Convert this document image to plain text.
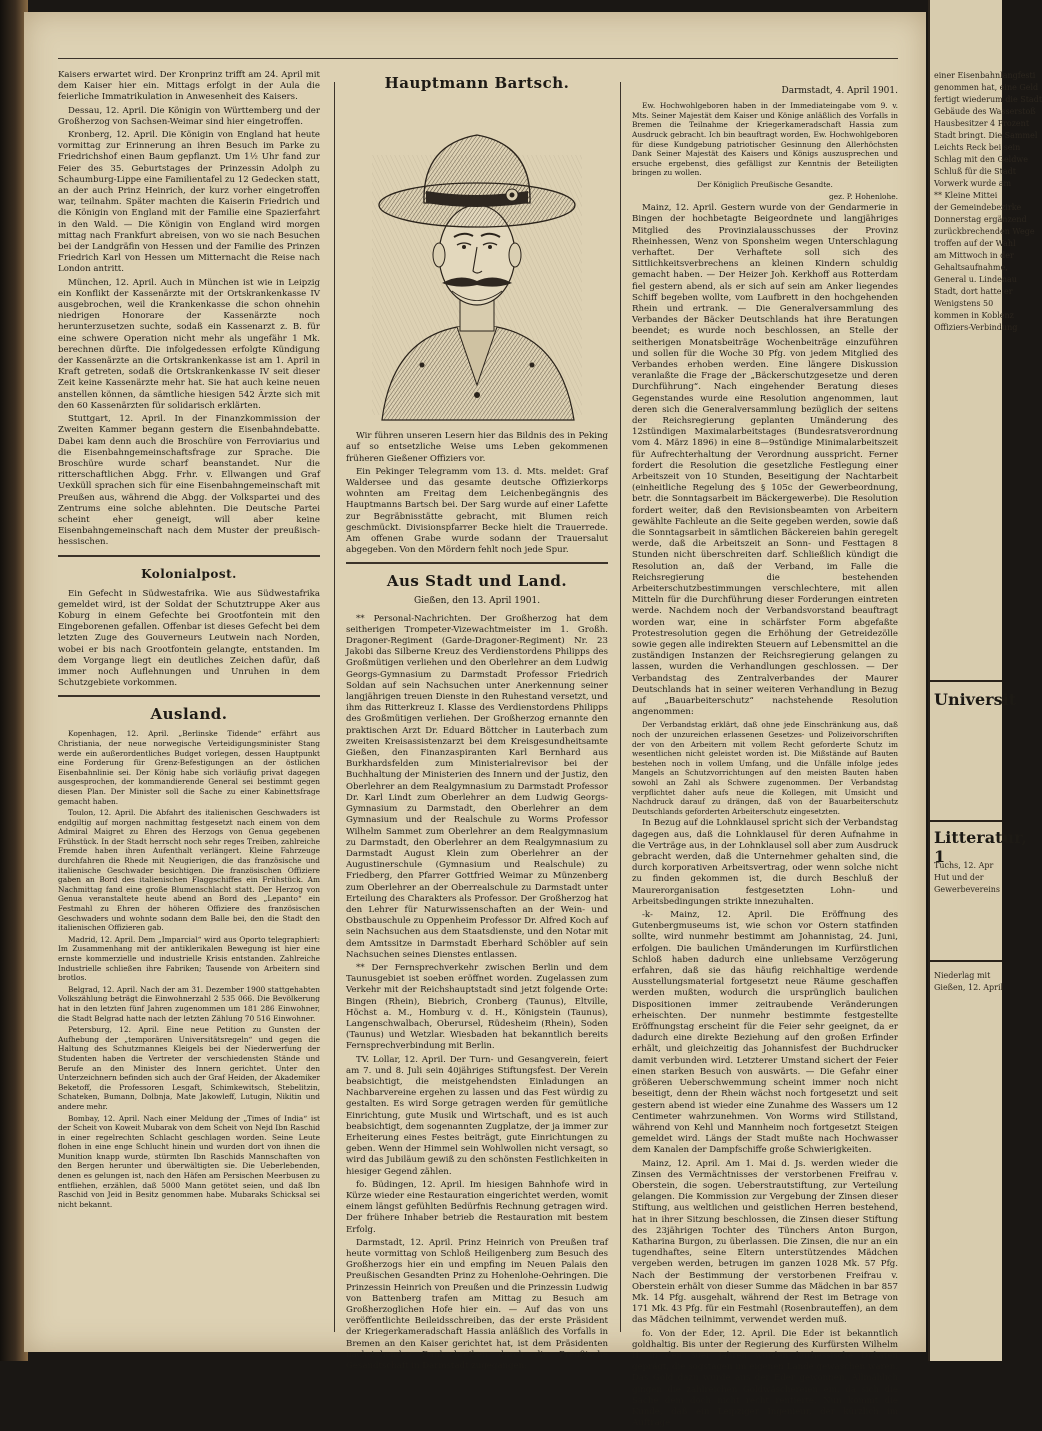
Kaisers erwartet wird. Der Kronprinz trifft am 24. April mit dem Kaiser hier ein. Mittags erfolgt in der Aula die feierliche Immatrikulation in Anwesenheit des Kaisers.

Dessau, 12. April. Die Königin von Württemberg und der Großherzog von Sachsen-Weimar sind hier eingetroffen.

Kronberg, 12. April. Die Königin von England hat heute vormittag zur Erinnerung an ihren Besuch im Parke zu Friedrichshof einen Baum gepflanzt. Um 1½ Uhr fand zur Feier des 35. Geburtstages der Prinzessin Adolph zu Schaumburg-Lippe eine Familientafel zu 12 Gedecken statt, an der auch Prinz Heinrich, der kurz vorher eingetroffen war, teilnahm. Später machten die Kaiserin Friedrich und die Königin von England mit der Familie eine Spazierfahrt in den Wald. — Die Königin von England wird morgen mittag nach Frankfurt abreisen, von wo sie nach Besuchen bei der Landgräfin von Hessen und der Familie des Prinzen Friedrich Karl von Hessen um Mitternacht die Reise nach London antritt.

München, 12. April. Auch in München ist wie in Leipzig ein Konflikt der Kassenärzte mit der Ortskrankenkasse IV ausgebrochen, weil die Krankenkasse die schon ohnehin niedrigen Honorare der Kassenärzte noch herunterzusetzen suchte, sodaß ein Kassenarzt z. B. für eine schwere Operation nicht mehr als ungefähr 1 Mk. berechnen dürfte. Die infolgedessen erfolgte Kündigung der Kassenärzte an die Ortskrankenkasse ist am 1. April in Kraft getreten, sodaß die Ortskrankenkasse IV seit dieser Zeit keine Kassenärzte mehr hat. Sie hat auch keine neuen anstellen können, da sämtliche hiesigen 542 Ärzte sich mit den 60 Kassenärzten für solidarisch erklärten.

Stuttgart, 12. April. In der Finanzkommission der Zweiten Kammer begann gestern die Eisenbahndebatte. Dabei kam denn auch die Broschüre von Ferroviarius und die Eisenbahngemeinschaftsfrage zur Sprache. Die Broschüre wurde scharf beanstandet. Nur die ritterschaftlichen Abgg. Frhr. v. Ellwangen und Graf Uexküll sprachen sich für eine Eisenbahngemeinschaft mit Preußen aus, während die Abgg. der Volkspartei und des Zentrums eine solche ablehnten. Die Deutsche Partei scheint eher geneigt, will aber keine Eisenbahngemeinschaft nach dem Muster der preußisch-hessischen.

Kolonialpost.

Ein Gefecht in Südwestafrika. Wie aus Südwestafrika gemeldet wird, ist der Soldat der Schutztruppe Aker aus Koburg in einem Gefechte bei Grootfontein mit den Eingeborenen gefallen. Offenbar ist dieses Gefecht bei dem letzten Zuge des Gouverneurs Leutwein nach Norden, wobei er bis nach Grootfontein gelangte, entstanden. Im dem Vorgange liegt ein deutliches Zeichen dafür, daß immer noch Auflehnungen und Unruhen in dem Schutzgebiete vorkommen.

Ausland.

Kopenhagen, 12. April. „Berlinske Tidende“ erfährt aus Christiania, der neue norwegische Verteidigungsminister Stang werde ein außerordentliches Budget vorlegen, dessen Hauptpunkt eine Forderung für Grenz-Befestigungen an der östlichen Eisenbahnlinie sei. Der König habe sich vorläufig privat dagegen ausgesprochen, der kommandierende General sei bestimmt gegen diesen Plan. Der Minister soll die Sache zu einer Kabinettsfrage gemacht haben.

Toulon, 12. April. Die Abfahrt des italienischen Geschwaders ist endgiltig auf morgen nachmittag festgesetzt nach einem von dem Admiral Maigret zu Ehren des Herzogs von Genua gegebenen Frühstück. In der Stadt herrscht noch sehr reges Treiben, zahlreiche Fremde haben ihren Aufenthalt verlängert. Kleine Fahrzeuge durchfahren die Rhede mit Neugierigen, die das französische und italienische Geschwader besichtigen. Die französischen Offiziere gaben an Bord des italienischen Flaggschiffes ein Frühstück. Am Nachmittag fand eine große Blumenschlacht statt. Der Herzog von Genua veranstaltete heute abend an Bord des „Lepanto“ ein Festmahl zu Ehren der höheren Offiziere des französischen Geschwaders und wohnte sodann dem Balle bei, den die Stadt den italienischen Offizieren gab.

Madrid, 12. April. Dem „Imparcial“ wird aus Oporto telegraphiert: Im Zusammenhang mit der antiklerikalen Bewegung ist hier eine ernste kommerzielle und industrielle Krisis entstanden. Zahlreiche Industrielle schließen ihre Fabriken; Tausende von Arbeitern sind brotlos.

Belgrad, 12. April. Nach der am 31. Dezember 1900 stattgehabten Volkszählung beträgt die Einwohnerzahl 2 535 066. Die Bevölkerung hat in den letzten fünf Jahren zugenommen um 181 286 Einwohner, die Stadt Belgrad hatte nach der letzten Zählung 70 516 Einwohner.

Petersburg, 12. April. Eine neue Petition zu Gunsten der Aufhebung der „temporären Universitätsregeln“ und gegen die Haltung des Schutzmannes Kleigels bei der Niederwerfung der Studenten haben die Vertreter der verschiedensten Stände und Berufe an den Minister des Innern gerichtet. Unter den Unterzeichnern befinden sich auch der Graf Heiden, der Akademiker Beketoff, die Professoren Lesgaft, Schimkewitsch, Stebelitzin, Schateken, Bumann, Dolbnja, Mate Jakowleff, Lutugin, Nikitin und andere mehr.

Bombay, 12. April. Nach einer Meldung der „Times of India“ ist der Scheit von Koweit Mubarak von dem Scheit von Nejd Ibn Raschid in einer regelrechten Schlacht geschlagen worden. Seine Leute flohen in eine enge Schlucht hinein und wurden dort von ihnen die Munition knapp wurde, stürmten Ibn Raschids Mannschaften von den Bergen herunter und überwältigten sie. Die Ueberlebenden, denen es gelungen ist, nach den Häfen am Persischen Meerbusen zu entfliehen, erzählen, daß 5000 Mann getötet seien, und daß Ibn Raschid von Jeid in Besitz genommen habe. Mubaraks Schicksal sei nicht bekannt.

Hauptmann Bartsch.

Wir führen unseren Lesern hier das Bildnis des in Peking auf so entsetzliche Weise ums Leben gekommenen früheren Gießener Offiziers vor.

Ein Pekinger Telegramm vom 13. d. Mts. meldet: Graf Waldersee und das gesamte deutsche Offizierkorps wohnten am Freitag dem Leichenbegängnis des Hauptmanns Bartsch bei. Der Sarg wurde auf einer Lafette zur Begräbnisstätte gebracht, mit Blumen reich geschmückt. Divisionspfarrer Becke hielt die Trauerrede. Am offenen Grabe wurde sodann der Trauersalut abgegeben. Von den Mördern fehlt noch jede Spur.

Aus Stadt und Land.
Gießen, den 13. April 1901.

** Personal-Nachrichten. Der Großherzog hat dem seitherigen Trompeter-Vizewachtmeister im 1. Großh. Dragoner-Regiment (Garde-Dragoner-Regiment) Nr. 23 Jakobi das Silberne Kreuz des Verdienstordens Philipps des Großmütigen verliehen und den Oberlehrer an dem Ludwig Georgs-Gymnasium zu Darmstadt Professor Friedrich Soldan auf sein Nachsuchen unter Anerkennung seiner langjährigen treuen Dienste in den Ruhestand versetzt, und ihm das Ritterkreuz I. Klasse des Verdienstordens Philipps des Großmütigen verliehen. Der Großherzog ernannte den praktischen Arzt Dr. Eduard Böttcher in Lauterbach zum zweiten Kreisassistenzarzt bei dem Kreisgesundheitsamte Gießen, den Finanzaspiranten Karl Bernhard aus Burkhardsfelden zum Ministerialrevisor bei der Buchhaltung der Ministerien des Innern und der Justiz, den Oberlehrer an dem Realgymnasium zu Darmstadt Professor Dr. Karl Lindt zum Oberlehrer an dem Ludwig Georgs-Gymnasium zu Darmstadt, den Oberlehrer an dem Gymnasium und der Realschule zu Worms Professor Wilhelm Sammet zum Oberlehrer an dem Realgymnasium zu Darmstadt, den Oberlehrer an dem Realgymnasium zu Darmstadt August Klein zum Oberlehrer an der Augustinerschule (Gymnasium und Realschule) zu Friedberg, den Pfarrer Gottfried Weimar zu Münzenberg zum Oberlehrer an der Oberrealschule zu Darmstadt unter Erteilung des Charakters als Professor. Der Großherzog hat den Lehrer für Naturwissenschaften an der Wein- und Obstbauschule zu Oppenheim Professor Dr. Alfred Koch auf sein Nachsuchen aus dem Staatsdienste, und den Notar mit dem Amtssitze in Darmstadt Eberhard Schöbler auf sein Nachsuchen seines Dienstes entlassen.

** Der Fernsprechverkehr zwischen Berlin und dem Taunusgebiet ist soeben eröffnet worden. Zugelassen zum Verkehr mit der Reichshauptstadt sind jetzt folgende Orte: Bingen (Rhein), Biebrich, Cronberg (Taunus), Eltville, Höchst a. M., Homburg v. d. H., Königstein (Taunus), Langenschwalbach, Oberursel, Rüdesheim (Rhein), Soden (Taunus) und Wetzlar. Wiesbaden hat bekanntlich bereits Fernsprechverbindung mit Berlin.

TV. Lollar, 12. April. Der Turn- und Gesangverein, feiert am 7. und 8. Juli sein 40jähriges Stiftungsfest. Der Verein beabsichtigt, die meistgehendsten Einladungen an Nachbarvereine ergehen zu lassen und das Fest würdig zu gestalten. Es wird Sorge getragen werden für gemütliche Einrichtung, gute Musik und Wirtschaft, und es ist auch beabsichtigt, dem sogenannten Zugplatze, der ja immer zur Erheiterung eines Festes beiträgt, gute Einrichtungen zu geben. Wenn der Himmel sein Wohlwollen nicht versagt, so wird das Jubiläum gewiß zu den schönsten Festlichkeiten in hiesiger Gegend zählen.

fo. Büdingen, 12. April. Im hiesigen Bahnhofe wird in Kürze wieder eine Restauration eingerichtet werden, womit einem längst gefühlten Bedürfnis Rechnung getragen wird. Der frühere Inhaber betrieb die Restauration mit bestem Erfolg.

Darmstadt, 12. April. Prinz Heinrich von Preußen traf heute vormittag von Schloß Heiligenberg zum Besuch des Großherzogs hier ein und empfing im Neuen Palais den Preußischen Gesandten Prinz zu Hohenlohe-Oehringen. Die Prinzessin Heinrich von Preußen und die Prinzessin Ludwig von Battenberg trafen am Mittag zu Besuch am Großherzoglichen Hofe hier ein. — Auf das von uns veröffentlichte Beileidsschreiben, das der erste Präsident der Kriegerkameradschaft Hassia anläßlich des Vorfalls in Bremen an den Kaiser gerichtet hat, ist dem Präsidenten nachstehendes Dankschreiben durch die Preußische Gesandtschaft in Darmstadt zugegangen:

Darmstadt, 4. April 1901.

Ew. Hochwohlgeboren haben in der Immediateingabe vom 9. v. Mts. Seiner Majestät dem Kaiser und Könige anläßlich des Vorfalls in Bremen die Teilnahme der Kriegerkameradschaft Hassia zum Ausdruck gebracht. Ich bin beauftragt worden, Ew. Hochwohlgeboren für diese Kundgebung patriotischer Gesinnung den Allerhöchsten Dank Seiner Majestät des Kaisers und Königs auszusprechen und ersuche ergebenst, dies gefälligst zur Kenntnis der Beteiligten bringen zu wollen.

Der Königlich Preußische Gesandte.

gez. P. Hohenlohe.

Mainz, 12. April. Gestern wurde von der Gendarmerie in Bingen der hochbetagte Beigeordnete und langjähriges Mitglied des Provinzialausschusses der Provinz Rheinhessen, Wenz von Sponsheim wegen Unterschlagung verhaftet. Der Verhaftete soll sich des Sittlichkeitsverbrechens an kleinen Kindern schuldig gemacht haben. — Der Heizer Joh. Kerkhoff aus Rotterdam fiel gestern abend, als er sich auf sein am Anker liegendes Schiff begeben wollte, vom Laufbrett in den hochgehenden Rhein und ertrank. — Die Generalversammlung des Verbandes der Bäcker Deutschlands hat ihre Beratungen beendet; es wurde noch beschlossen, an Stelle der seitherigen Monatsbeiträge Wochenbeiträge einzuführen und sollen für die Woche 30 Pfg. von jedem Mitglied des Verbandes erhoben werden. Eine längere Diskussion veranlaßte die Frage der „Bäckerschutzgesetze und deren Durchführung“. Nach eingehender Beratung dieses Gegenstandes wurde eine Resolution angenommen, laut deren sich die Generalversammlung bezüglich der seitens der Reichsregierung geplanten Umänderung des 12stündigen Maximalarbeitstages (Bundesratsverordnung vom 4. März 1896) in eine 8—9stündige Minimalarbeitszeit für Aufrechterhaltung der Verordnung ausspricht. Ferner fordert die Resolution die gesetzliche Festlegung einer Arbeitszeit von 10 Stunden, Beseitigung der Nachtarbeit (einheitliche Regelung des § 105c der Gewerbeordnung, betr. die Sonntagsarbeit im Bäckergewerbe). Die Resolution fordert weiter, daß den Revisionsbeamten von Arbeitern gewählte Fachleute an die Seite gegeben werden, sowie daß die Sonntagsarbeit in sämtlichen Bäckereien bahin geregelt werde, daß die Arbeitszeit an Sonn- und Festtagen 8 Stunden nicht überschreiten darf. Schließlich kündigt die Resolution an, daß der Verband, im Falle die Reichsregierung die bestehenden Arbeiterschutzbestimmungen verschlechtere, mit allen Mitteln für die Durchführung dieser Forderungen eintreten werde. Nachdem noch der Verbandsvorstand beauftragt worden war, eine in schärfster Form abgefaßte Protestresolution gegen die Erhöhung der Getreidezölle sowie gegen alle indirekten Steuern auf Lebensmittel an die zuständigen Instanzen der Reichsregierung gelangen zu lassen, wurden die Verhandlungen geschlossen. — Der Verbandstag des Zentralverbandes der Maurer Deutschlands hat in seiner weiteren Verhandlung in Bezug auf „Bauarbeiterschutz“ nachstehende Resolution angenommen:

Der Verbandstag erklärt, daß ohne jede Einschränkung aus, daß noch der unzureichen erlassenen Gesetzes- und Polizeivorschriften der von den Arbeitern mit vollem Recht geforderte Schutz im wesentlichen nicht geleistet worden ist. Die Mißstände auf Bauten bestehen noch in vollem Umfang, und die Unfälle infolge jedes Mangels an Schutzvorrichtungen auf den meisten Bauten haben sowohl an Zahl als Schwere zugenommen. Der Verbandstag verpflichtet daher aufs neue die Kollegen, mit Umsicht und Nachdruck darauf zu drängen, daß von der Bauarbeiterschutz Deutschlands geforderten Arbeiterschutz eingesetzten.

In Bezug auf die Lohnklausel spricht sich der Verbandstag dagegen aus, daß die Lohnklausel für deren Aufnahme in die Verträge aus, in der Lohnklausel soll aber zum Ausdruck gebracht werden, daß die Unternehmer gehalten sind, die durch korporativen Arbeitsvertrag, oder wenn solche nicht zu finden gekommen ist, die durch Beschluß der Maurerorganisation festgesetzten Lohn- und Arbeitsbedingungen strikte innezuhalten.

-k- Mainz, 12. April. Die Eröffnung des Gutenbergmuseums ist, wie schon vor Ostern statfinden sollte, wird nunmehr bestimmt am Johannistag, 24. Juni, erfolgen. Die baulichen Umänderungen im Kurfürstlichen Schloß haben dadurch eine unliebsame Verzögerung erfahren, daß sie das häufig reichhaltige werdende Ausstellungsmaterial fortgesetzt neue Räume geschaffen werden mußten, wodurch die ursprünglich baulichen Dispositionen immer zeitraubende Veränderungen erheischten. Der nunmehr bestimmte festgestellte Eröffnungstag erscheint für die Feier sehr geeignet, da er dadurch eine direkte Beziehung auf den großen Erfinder erhält, und gleichzeitig das Johannisfest der Buchdrucker damit verbunden wird. Letzterer Umstand sichert der Feier einen starken Besuch von auswärts. — Die Gefahr einer größeren Ueberschwemmung scheint immer noch nicht beseitigt, denn der Rhein wächst noch fortgesetzt und seit gestern abend ist wieder eine Zunahme des Wassers um 12 Centimeter wahrzunehmen. Von Worms wird Stillstand, während von Kehl und Mannheim noch fortgesetzt Steigen gemeldet wird. Längs der Stadt mußte nach Hochwasser dem Kanalen der Dampfschiffe große Schwierigkeiten.

Mainz, 12. April. Am 1. Mai d. Js. werden wieder die Zinsen des Vermächtnisses der verstorbenen Freifrau v. Oberstein, die sogen. Ueberstrautstiftung, zur Verteilung gelangen. Die Kommission zur Vergebung der Zinsen dieser Stiftung, aus weltlichen und geistlichen Herren bestehend, hat in ihrer Sitzung beschlossen, die Zinsen dieser Stiftung des 23jährigen Tochter des Tünchers Anton Burgon, Katharina Burgon, zu überlassen. Die Zinsen, die nur an ein tugendhaftes, seine Eltern unterstützendes Mädchen vergeben werden, betrugen im ganzen 1028 Mk. 57 Pfg. Nach der Bestimmung der verstorbenen Freifrau v. Oberstein erhält von dieser Summe das Mädchen in bar 857 Mk. 14 Pfg. ausgehalt, während der Rest im Betrage von 171 Mk. 43 Pfg. für ein Festmahl (Rosenbrauteffen), an dem das Mädchen teilnimmt, verwendet werden muß.

fo. Von der Eder, 12. April. Die Eder ist bekanntlich goldhaltig. Bis unter der Regierung des Kurfürsten Wilhelm II. in den 30er Jahren wurden kurhessische Dukaten geprägt, die sogstagen im eigenen Lande gewaschen waren. Das Gold dazu wurde aus der Eder gewonnen. Allmählich gingen die zahlreichen Goldwäschereien ein, da sich die Sache dem doch nicht recht rentierte. Nun kommt die Kunde, daß ein Leipziger Ingenieur, der kürzlich im Auftrage

einer Eisenbahnlangfesti
genommen hat, eine Geld
fertigt wiederum die Stadt
Gebäude des Wasserstoß
Hausbesitzer 4 Prozent
Stadt bringt. Die Sammel
Leichts Reck bei sein
Schlag mit den Geldwe
Schluß für die Stadt
Vorwerk wurde am
** Kleine Mittei
der Gemeindebezirke
Donnerstag ergänzend
zurückbrechenden Wege
troffen auf der Wahl
am Mittwoch in der
Gehaltsaufnahme,
General u. Lindenau
Stadt, dort hatte er
Wenigstens 50
kommen in Koblenz
Offiziers-Verbindung
Universit
Litteratur, 1
Tuchs, 12. Apr
Hut und der
Gewerbevereins
Niederlag mit
Gießen, 12. April
